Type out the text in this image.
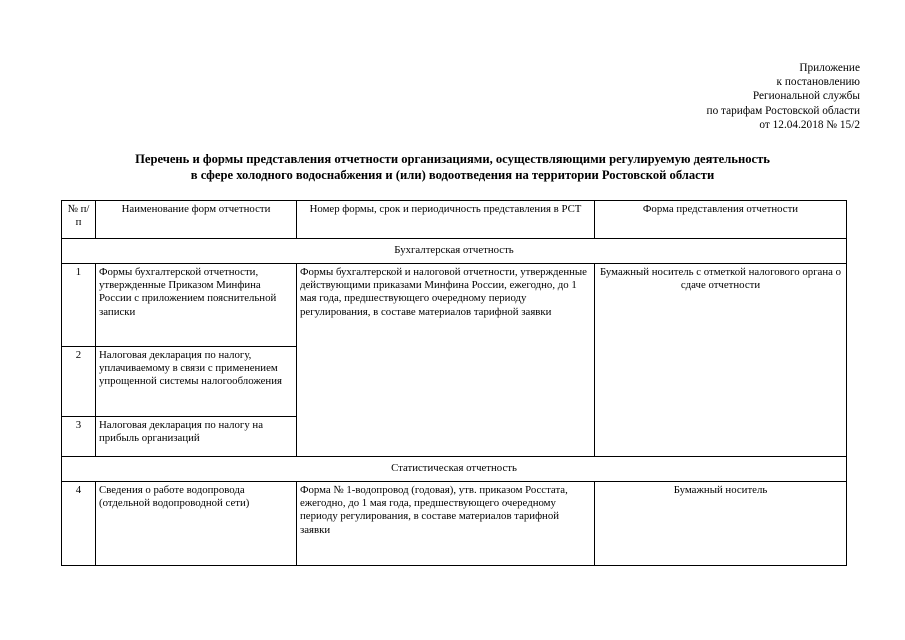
Приложение
к постановлению
Региональной службы
по тарифам Ростовской области
от 12.04.2018 № 15/2
Перечень и формы представления отчетности организациями, осуществляющими регулируемую деятельность
в сфере холодного водоснабжения и (или) водоотведения на территории Ростовской области
№ п/п	Наименование форм отчетности	Номер формы, срок и периодичность представления в РСТ	Форма представления отчетности
Бухгалтерская отчетность			
1	Формы бухгалтерской отчетности, утвержденные Приказом Минфина России с приложением пояснительной записки	Формы бухгалтерской и налоговой отчетности, утвержденные действующими приказами Минфина России, ежегодно, до 1 мая года, предшествующего очередному периоду регулирования, в составе материалов тарифной заявки	Бумажный носитель с отметкой налогового органа о сдаче отчетности
2	Налоговая декларация по налогу, уплачиваемому в связи с применением упрощенной системы налогообложения		
3	Налоговая декларация по налогу на прибыль организаций		
Статистическая отчетность			
4	Сведения о работе водопровода (отдельной водопроводной сети)	Форма № 1-водопровод (годовая), утв. приказом Росстата, ежегодно, до 1 мая года, предшествующего очередному периоду регулирования, в составе материалов тарифной заявки	Бумажный носитель
